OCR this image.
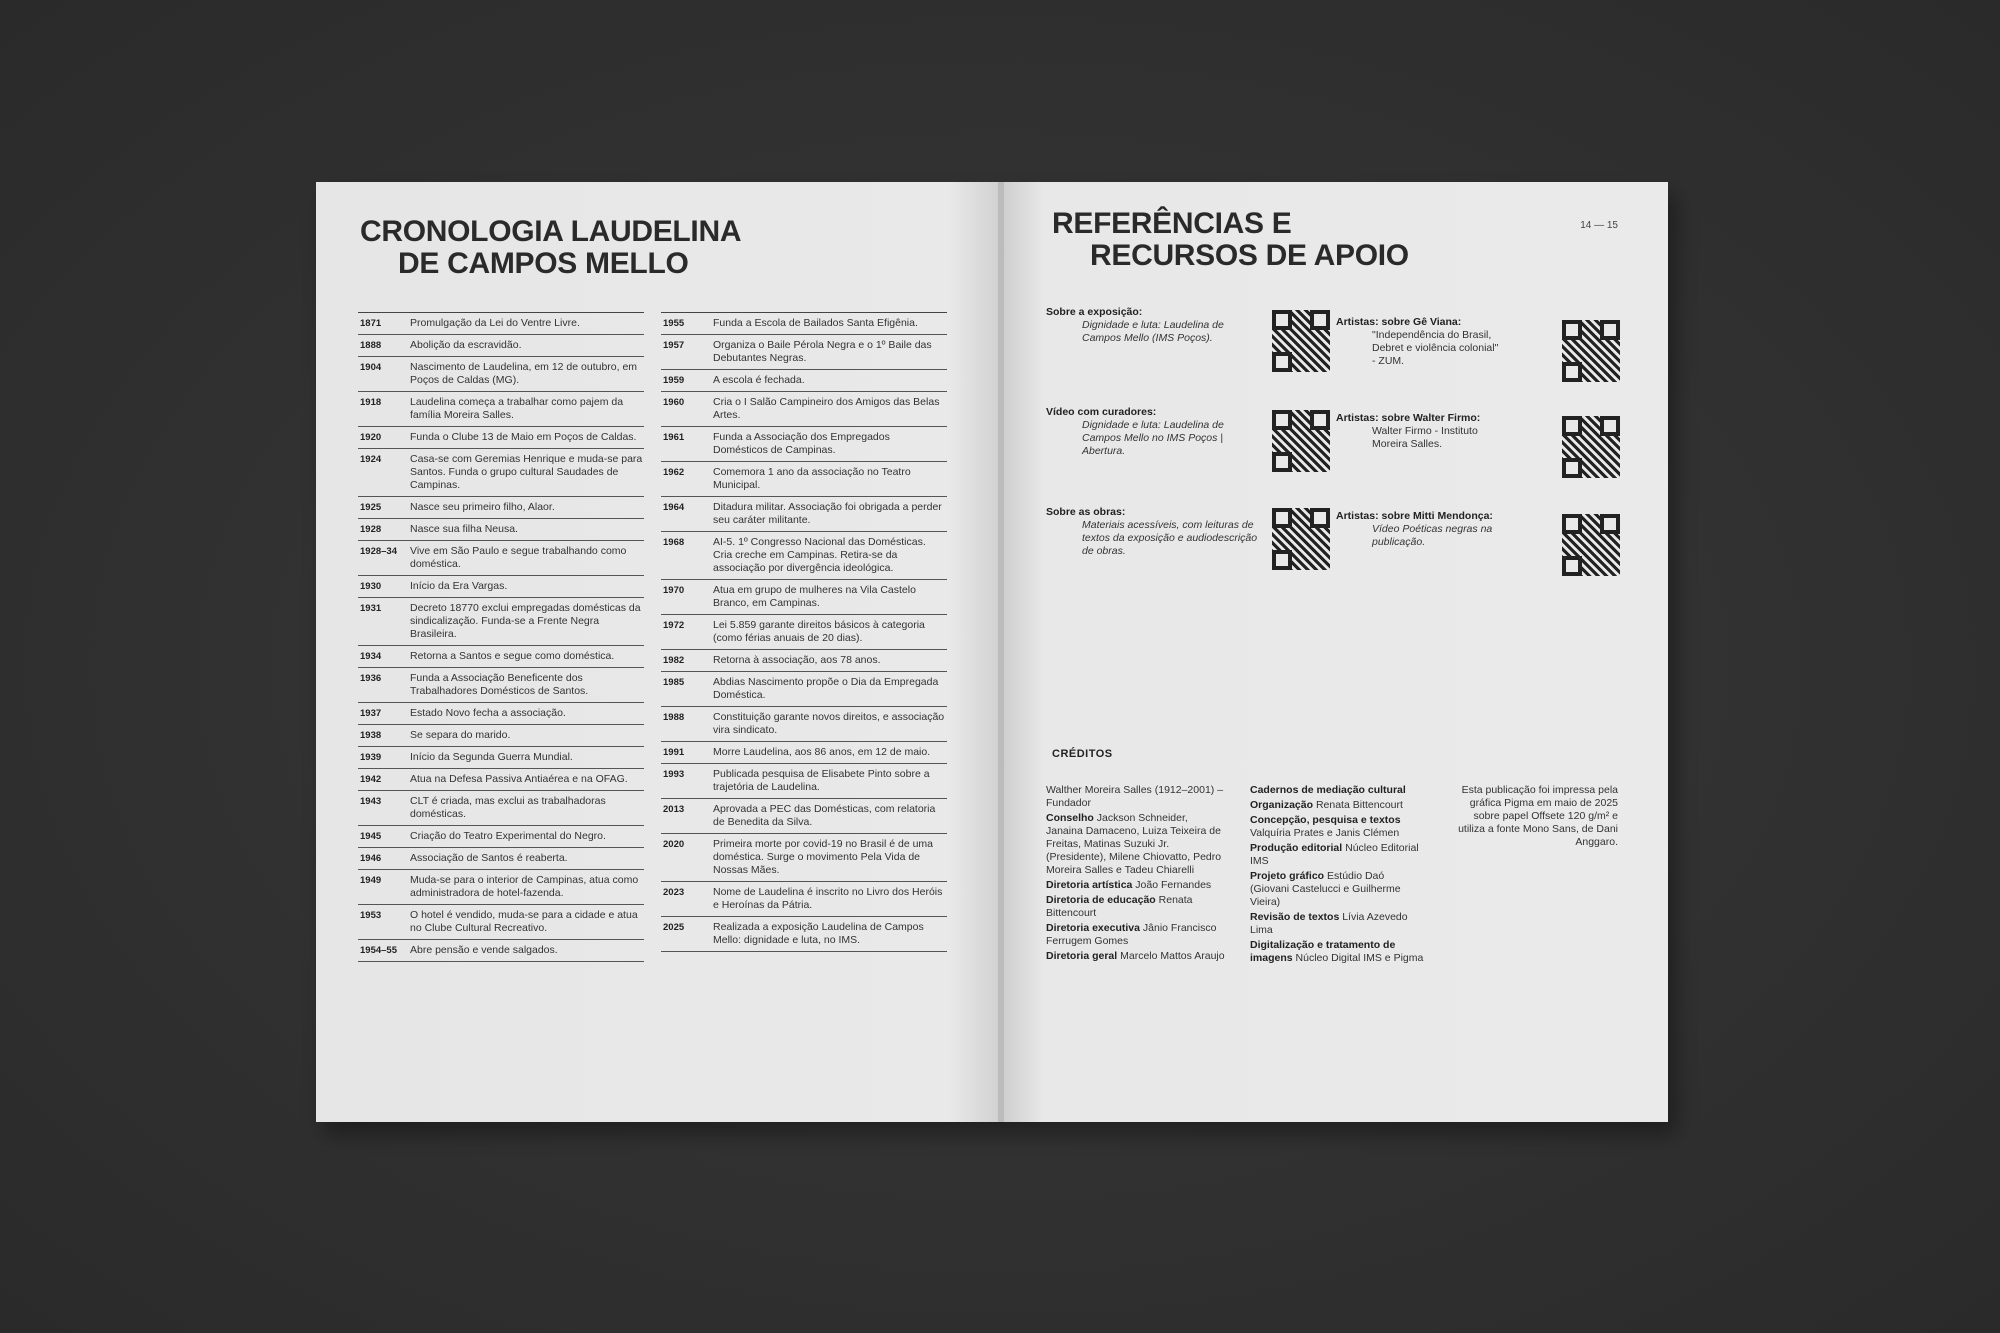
CRONOLOGIA LAUDELINA
DE CAMPOS MELLO
1871	Promulgação da Lei do Ventre Livre.
1888	Abolição da escravidão.
1904	Nascimento de Laudelina, em 12 de outubro, em Poços de Caldas (MG).
1918	Laudelina começa a trabalhar como pajem da família Moreira Salles.
1920	Funda o Clube 13 de Maio em Poços de Caldas.
1924	Casa-se com Geremias Henrique e muda-se para Santos. Funda o grupo cultural Saudades de Campinas.
1925	Nasce seu primeiro filho, Alaor.
1928	Nasce sua filha Neusa.
1928–34	Vive em São Paulo e segue trabalhando como doméstica.
1930	Início da Era Vargas.
1931	Decreto 18770 exclui empregadas domésticas da sindicalização. Funda-se a Frente Negra Brasileira.
1934	Retorna a Santos e segue como doméstica.
1936	Funda a Associação Beneficente dos Trabalhadores Domésticos de Santos.
1937	Estado Novo fecha a associação.
1938	Se separa do marido.
1939	Início da Segunda Guerra Mundial.
1942	Atua na Defesa Passiva Antiaérea e na OFAG.
1943	CLT é criada, mas exclui as trabalhadoras domésticas.
1945	Criação do Teatro Experimental do Negro.
1946	Associação de Santos é reaberta.
1949	Muda-se para o interior de Campinas, atua como administradora de hotel-fazenda.
1953	O hotel é vendido, muda-se para a cidade e atua no Clube Cultural Recreativo.
1954–55	Abre pensão e vende salgados.
1955	Funda a Escola de Bailados Santa Efigênia.
1957	Organiza o Baile Pérola Negra e o 1º Baile das Debutantes Negras.
1959	A escola é fechada.
1960	Cria o I Salão Campineiro dos Amigos das Belas Artes.
1961	Funda a Associação dos Empregados Domésticos de Campinas.
1962	Comemora 1 ano da associação no Teatro Municipal.
1964	Ditadura militar. Associação foi obrigada a perder seu caráter militante.
1968	AI-5. 1º Congresso Nacional das Domésticas. Cria creche em Campinas. Retira-se da associação por divergência ideológica.
1970	Atua em grupo de mulheres na Vila Castelo Branco, em Campinas.
1972	Lei 5.859 garante direitos básicos à categoria (como férias anuais de 20 dias).
1982	Retorna à associação, aos 78 anos.
1985	Abdias Nascimento propõe o Dia da Empregada Doméstica.
1988	Constituição garante novos direitos, e associação vira sindicato.
1991	Morre Laudelina, aos 86 anos, em 12 de maio.
1993	Publicada pesquisa de Elisabete Pinto sobre a trajetória de Laudelina.
2013	Aprovada a PEC das Domésticas, com relatoria de Benedita da Silva.
2020	Primeira morte por covid-19 no Brasil é de uma doméstica. Surge o movimento Pela Vida de Nossas Mães.
2023	Nome de Laudelina é inscrito no Livro dos Heróis e Heroínas da Pátria.
2025	Realizada a exposição Laudelina de Campos Mello: dignidade e luta, no IMS.
REFERÊNCIAS E
RECURSOS DE APOIO
14 — 15
Sobre a exposição:
Dignidade e luta: Laudelina de Campos Mello (IMS Poços).
Vídeo com curadores:
Dignidade e luta: Laudelina de Campos Mello no IMS Poços | Abertura.
Sobre as obras:
Materiais acessíveis, com leituras de textos da exposição e audiodescrição de obras.
Artistas: sobre Gê Viana:
"Independência do Brasil, Debret e violência colonial" - ZUM.
Artistas: sobre Walter Firmo:
Walter Firmo - Instituto Moreira Salles.
Artistas: sobre Mitti Mendonça:
Vídeo Poéticas negras na publicação.
CRÉDITOS
Walther Moreira Salles (1912–2001) – Fundador
Conselho Jackson Schneider, Janaina Damaceno, Luiza Teixeira de Freitas, Matinas Suzuki Jr. (Presidente), Milene Chiovatto, Pedro Moreira Salles e Tadeu Chiarelli
Diretoria artística João Fernandes
Diretoria de educação Renata Bittencourt
Diretoria executiva Jânio Francisco Ferrugem Gomes
Diretoria geral Marcelo Mattos Araujo
Cadernos de mediação cultural
Organização Renata Bittencourt
Concepção, pesquisa e textos Valquíria Prates e Janis Clémen
Produção editorial Núcleo Editorial IMS
Projeto gráfico Estúdio Daó (Giovani Castelucci e Guilherme Vieira)
Revisão de textos Lívia Azevedo Lima
Digitalização e tratamento de imagens Núcleo Digital IMS e Pigma
Esta publicação foi impressa pela gráfica Pigma em maio de 2025 sobre papel Offsete 120 g/m² e utiliza a fonte Mono Sans, de Dani Anggaro.
